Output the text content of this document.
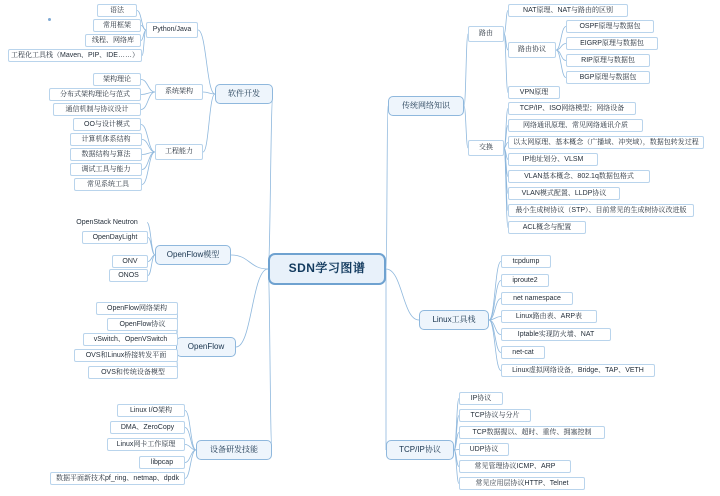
SDN学习图谱
软件开发
Python/Java
语法
常用框架
线程、网络库
工程化工具栈（Maven、PIP、IDE……）
系统架构
架构理论
分布式架构理论与范式
通信机制与协议设计
工程能力
OO与设计模式
计算机体系结构
数据结构与算法
调试工具与能力
常见系统工具
OpenFlow模型
OpenStack Neutron
OpenDayLight
ONV
ONOS
OpenFlow
OpenFlow网络架构
OpenFlow协议
vSwitch、OpenVSwitch
OVS和Linux桥接转发平面
OVS和传统设备模型
设备研发技能
Linux I/O架构
DMA、ZeroCopy
Linux网卡工作原理
libpcap
数据平面新技术pf_ring、netmap、dpdk
传统网络知识
路由
NAT原理、NAT与路由的区别
VPN原理
路由协议
OSPF原理与数据包
EIGRP原理与数据包
RIP原理与数据包
BGP原理与数据包
交换
TCP/IP、ISO网络模型；网络设备
网络通讯原理、常见网络通讯介质
以太网原理、基本概念（广播域、冲突域），数据包转发过程
IP地址划分、VLSM
VLAN基本概念、802.1q数据包格式
VLAN模式配置、LLDP协议
最小生成树协议（STP）、目前常见的生成树协议改进版
ACL概念与配置
Linux工具栈
tcpdump
iproute2
net namespace
Linux路由表、ARP表
Iptable实现防火墙、NAT
net-cat
Linux虚拟网络设备，Bridge、TAP、VETH
TCP/IP协议
IP协议
TCP协议与分片
TCP数据握以、超时、重传、拥塞控制
UDP协议
常见管理协议ICMP、ARP
常见应用层协议HTTP、Telnet
